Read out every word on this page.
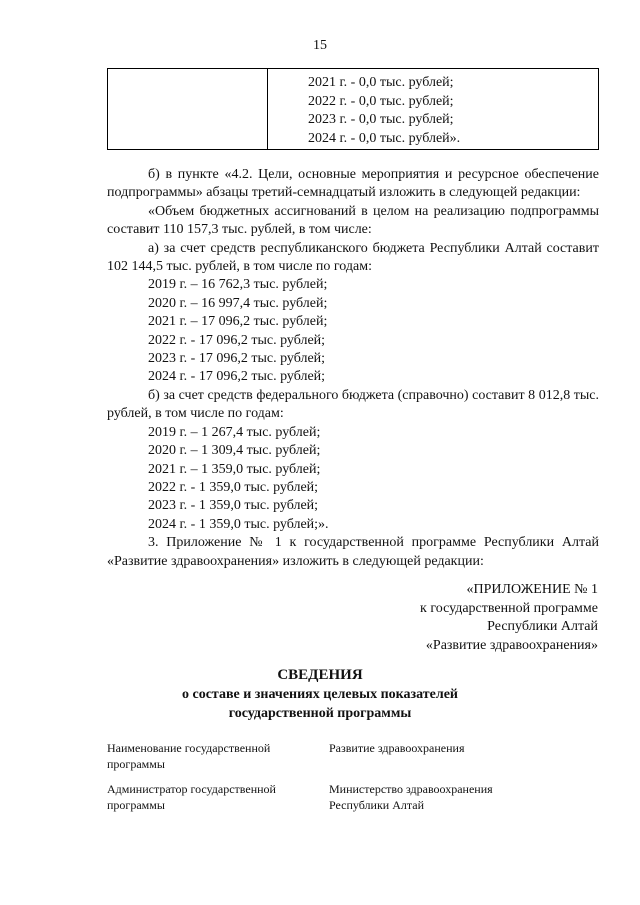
15
2021 г. - 0,0 тыс. рублей;
2022 г. - 0,0 тыс. рублей;
2023 г. - 0,0 тыс. рублей;
2024 г. - 0,0 тыс. рублей».
б) в пункте «4.2. Цели, основные мероприятия и ресурсное обеспечение подпрограммы» абзацы третий-семнадцатый изложить в следующей редакции:
«Объем бюджетных ассигнований в целом на реализацию подпрограммы составит 110 157,3 тыс. рублей, в том числе:
а) за счет средств республиканского бюджета Республики Алтай составит 102 144,5 тыс. рублей, в том числе по годам:
2019 г. – 16 762,3 тыс. рублей;
2020 г. – 16 997,4 тыс. рублей;
2021 г. – 17 096,2 тыс. рублей;
2022 г. - 17 096,2 тыс. рублей;
2023 г. - 17 096,2 тыс. рублей;
2024 г. - 17 096,2 тыс. рублей;
б) за счет средств федерального бюджета (справочно) составит 8 012,8 тыс. рублей, в том числе по годам:
2019 г. – 1 267,4 тыс. рублей;
2020 г. – 1 309,4 тыс. рублей;
2021 г. – 1 359,0 тыс. рублей;
2022 г. - 1 359,0 тыс. рублей;
2023 г. - 1 359,0 тыс. рублей;
2024 г. - 1 359,0 тыс. рублей;».
3. Приложение № 1 к государственной программе Республики Алтай «Развитие здравоохранения» изложить в следующей редакции:
«ПРИЛОЖЕНИЕ № 1
к государственной программе
Республики Алтай
«Развитие здравоохранения»
СВЕДЕНИЯ
о составе и значениях целевых показателей
государственной программы
Наименование государственной программы
Развитие здравоохранения
Администратор государственной программы
Министерство здравоохранения Республики Алтай
